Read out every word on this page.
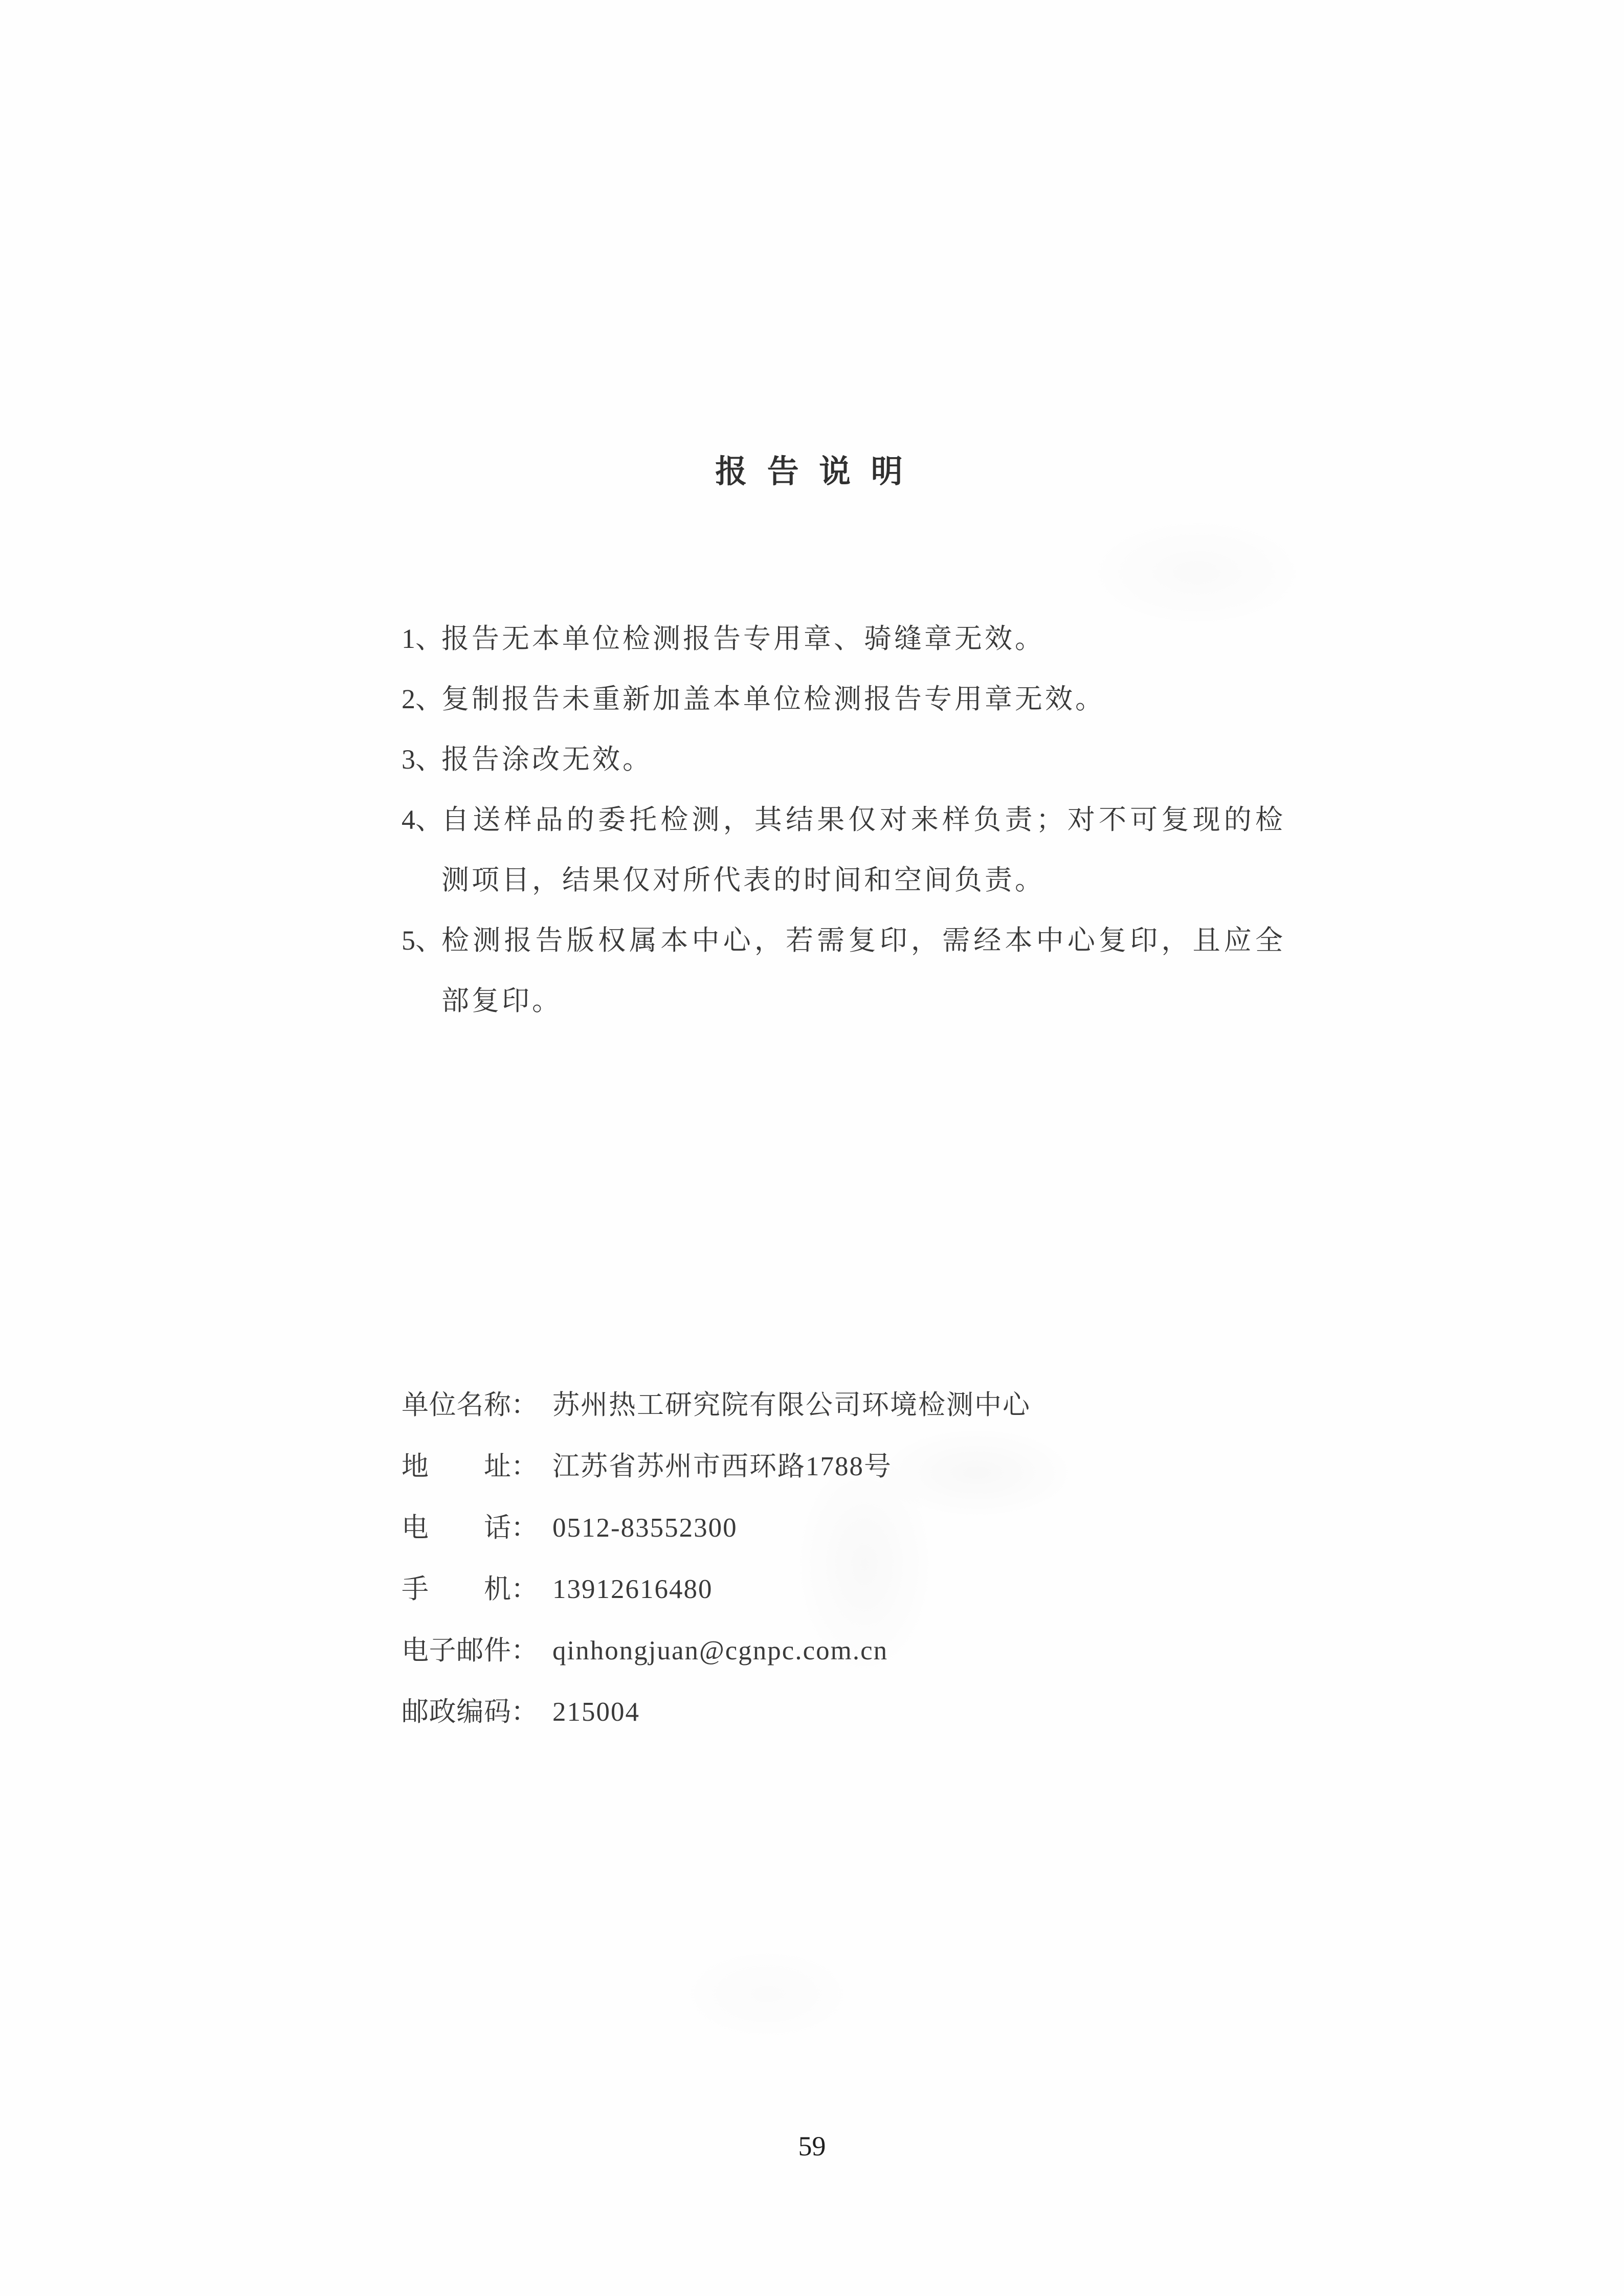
报 告 说 明
1、
报告无本单位检测报告专用章、骑缝章无效。
2、
复制报告未重新加盖本单位检测报告专用章无效。
3、
报告涂改无效。
4、
自送样品的委托检测，其结果仅对来样负责；对不可复现的检测项目，结果仅对所代表的时间和空间负责。
5、
检测报告版权属本中心，若需复印，需经本中心复印，且应全部复印。
单位名称： 苏州热工研究院有限公司环境检测中心
地址： 江苏省苏州市西环路1788号
电话： 0512-83552300
手机： 13912616480
电子邮件： qinhongjuan@cgnpc.com.cn
邮政编码： 215004
59
